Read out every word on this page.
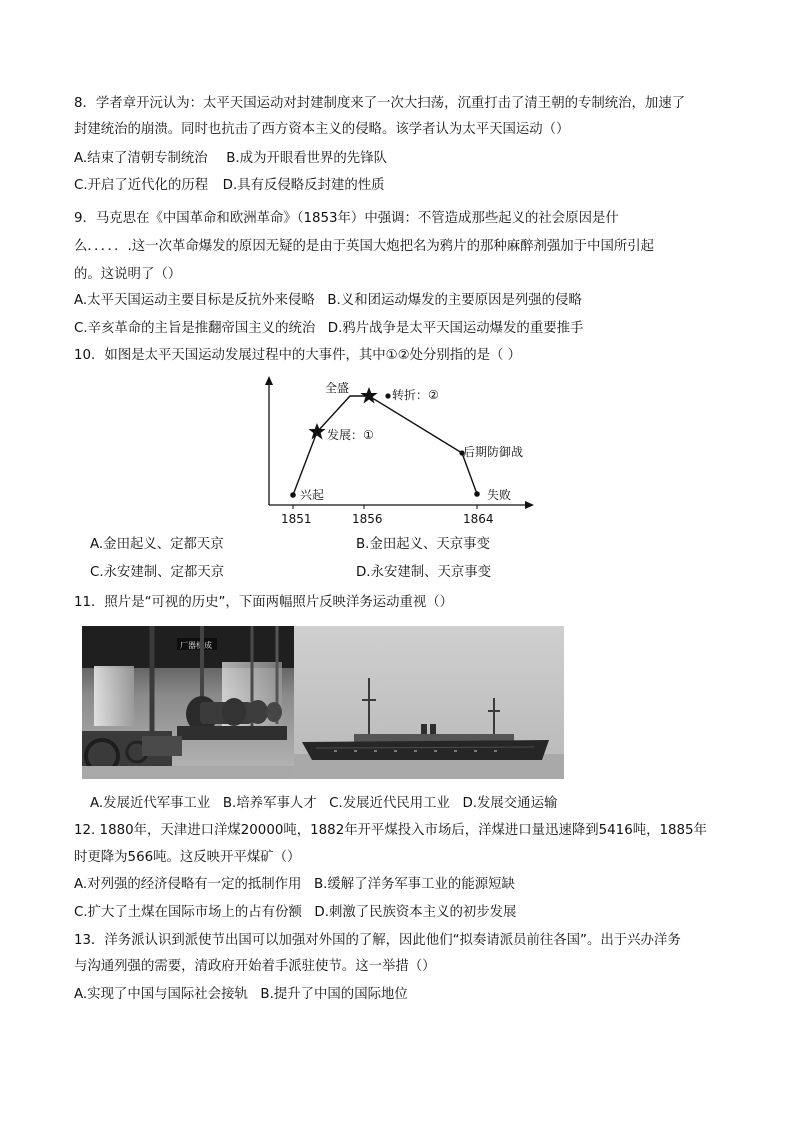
8．学者章开沅认为：太平天国运动对封建制度来了一次大扫荡，沉重打击了清王朝的专制统治，加速了
封建统治的崩溃。同时也抗击了西方资本主义的侵略。该学者认为太平天国运动（）
A.结束了清朝专制统治 B.成为开眼看世界的先锋队
C.开启了近代化的历程 D.具有反侵略反封建的性质
9．马克思在《中国革命和欧洲革命》（1853年）中强调：不管造成那些起义的社会原因是什
么．．．．．.这一次革命爆发的原因无疑的是由于英国大炮把名为鸦片的那种麻醉剂强加于中国所引起
的。这说明了（）
A.太平天国运动主要目标是反抗外来侵略 B.义和团运动爆发的主要原因是列强的侵略
C.辛亥革命的主旨是推翻帝国主义的统治 D.鸦片战争是太平天国运动爆发的重要推手
10．如图是太平天国运动发展过程中的大事件，其中①②处分别指的是（ ）
兴起
发展：①
全盛	转折：②
后期防御战
失败
1851	1856	1864
A.金田起义、定都天京	B.金田起义、天京事变
C.永安建制、定都天京	D.永安建制、天京事变
11．照片是“可视的历史”，下面两幅照片反映洋务运动重视（）
厂器机成
A.发展近代军事工业 B.培养军事人才 C.发展近代民用工业 D.发展交通运输
12. 1880年，天津进口洋煤20000吨，1882年开平煤投入市场后，洋煤进口量迅速降到5416吨，1885年
时更降为566吨。这反映开平煤矿（）
A.对列强的经济侵略有一定的抵制作用 B.缓解了洋务军事工业的能源短缺
C.扩大了土煤在国际市场上的占有份额 D.刺激了民族资本主义的初步发展
13．洋务派认识到派使节出国可以加强对外国的了解，因此他们“拟奏请派员前往各国”。出于兴办洋务
与沟通列强的需要，清政府开始着手派驻使节。这一举措（）
A.实现了中国与国际社会接轨 B.提升了中国的国际地位
